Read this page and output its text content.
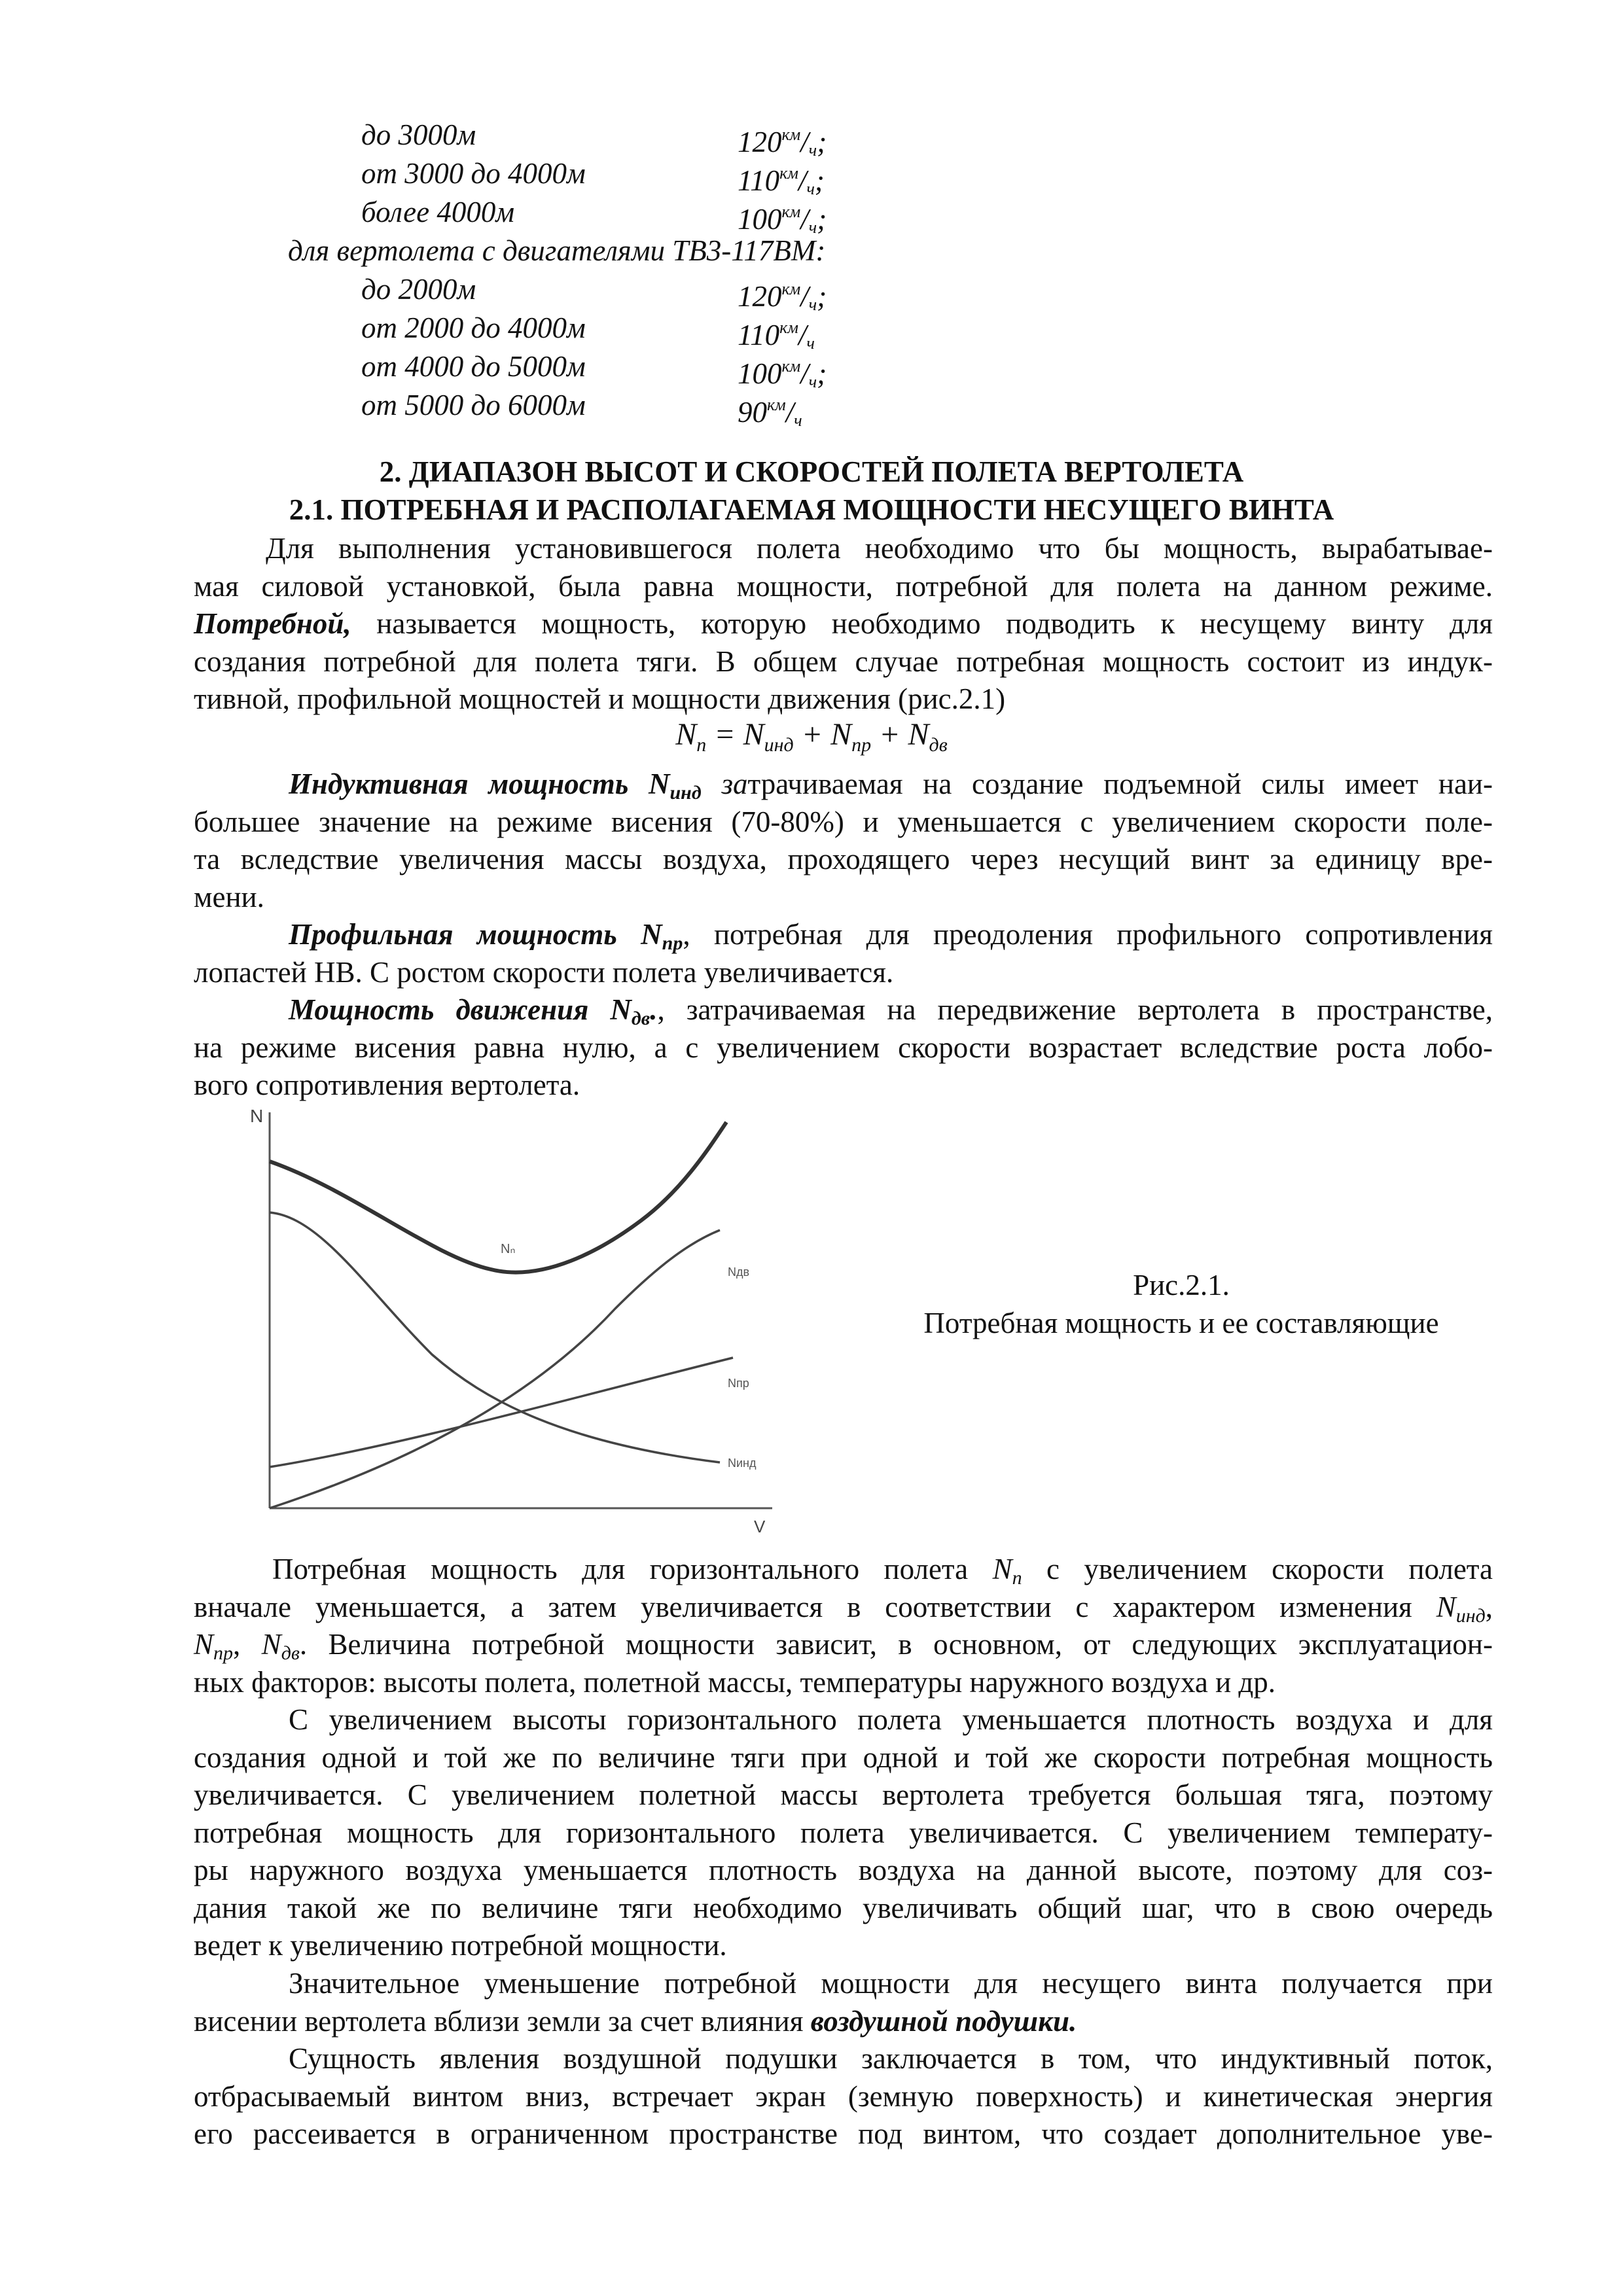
до 3000м	$120^{км}/_ч$;
от 3000 до 4000м	$110^{км}/_ч$;
более 4000м	$100^{км}/_ч$;
для вертолета с двигателями ТВ3-117ВМ:
до 2000м	$120^{км}/_ч$;
от 2000 до 4000м	$110^{км}/_ч$
от 4000 до 5000м	$100^{км}/_ч$;
от 5000 до 6000м	$90^{км}/_ч$
2. ДИАПАЗОН ВЫСОТ И СКОРОСТЕЙ ПОЛЕТА ВЕРТОЛЕТА
2.1. ПОТРЕБНАЯ И РАСПОЛАГАЕМАЯ МОЩНОСТИ НЕСУЩЕГО ВИНТА
Для выполнения установившегося полета необходимо что бы мощность, вырабатывае-
мая силовой установкой, была равна мощности, потребной для полета на данном режиме.
Потребной, называется мощность, которую необходимо подводить к несущему винту для
создания потребной для полета тяги. В общем случае потребная мощность состоит из индук-
тивной, профильной мощностей и мощности движения (рис.2.1)
$N_п = N_{инд} + N_{пр} + N_{дв}$
Индуктивная мощность $N_{инд}$ затрачиваемая на создание подъемной силы имеет наи-
большее значение на режиме висения (70-80%) и уменьшается с увеличением скорости поле-
та вследствие увеличения массы воздуха, проходящего через несущий винт за единицу вре-
мени.
Профильная мощность $N_{пр}$, потребная для преодоления профильного сопротивления
лопастей НВ. С ростом скорости полета увеличивается.
Мощность движения $N_{дв}$., затрачиваемая на передвижение вертолета в пространстве,
на режиме висения равна нулю, а с увеличением скорости возрастает вследствие роста лобо-
вого сопротивления вертолета.
N
V
Nₙ
Nинд
Nдв
Nпр
Рис.2.1.
Потребная мощность и ее составляющие
Потребная мощность для горизонтального полета $N_п$ с увеличением скорости полета
вначале уменьшается, а затем увеличивается в соответствии с характером изменения $N_{инд}$,
$N_{пр}$, $N_{дв}$. Величина потребной мощности зависит, в основном, от следующих эксплуатацион-
ных факторов: высоты полета, полетной массы, температуры наружного воздуха и др.
С увеличением высоты горизонтального полета уменьшается плотность воздуха и для
создания одной и той же по величине тяги при одной и той же скорости потребная мощность
увеличивается. С увеличением полетной массы вертолета требуется большая тяга, поэтому
потребная мощность для горизонтального полета увеличивается. С увеличением температу-
ры наружного воздуха уменьшается плотность воздуха на данной высоте, поэтому для соз-
дания такой же по величине тяги необходимо увеличивать общий шаг, что в свою очередь
ведет к увеличению потребной мощности.
Значительное уменьшение потребной мощности для несущего винта получается при
висении вертолета вблизи земли за счет влияния воздушной подушки.
Сущность явления воздушной подушки заключается в том, что индуктивный поток,
отбрасываемый винтом вниз, встречает экран (земную поверхность) и кинетическая энергия
его рассеивается в ограниченном пространстве под винтом, что создает дополнительное уве-
